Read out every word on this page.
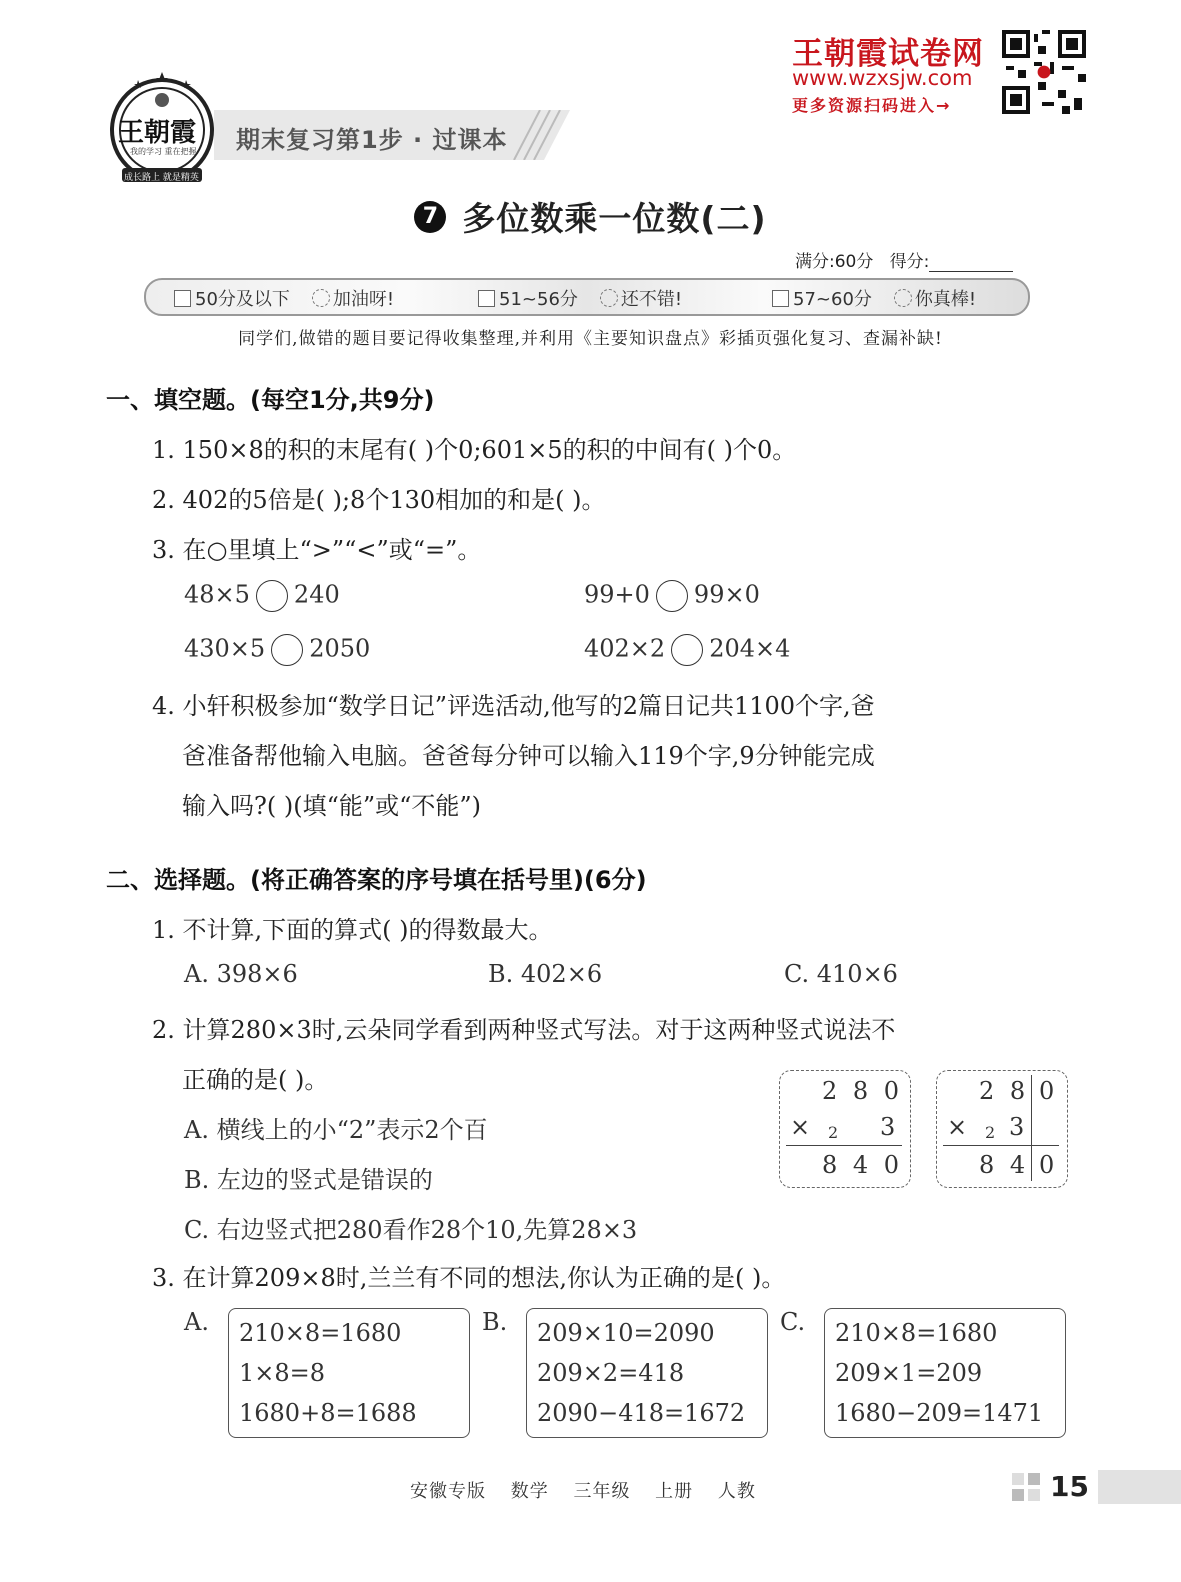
王朝霞
我的学习 重在把握
成长路上 就是精英
期末复习第1步 · 过课本
王朝霞试卷网
www.wzxsjw.com
更多资源扫码进入→
7 多位数乘一位数(二)
满分:60分 得分:
50分及以下 加油呀!	51~56分 还不错!	57~60分 你真棒!
同学们,做错的题目要记得收集整理,并利用《主要知识盘点》彩插页强化复习、查漏补缺!
一、填空题。(每空1分,共9分)
1. 150×8的积的末尾有( )个0;601×5的积的中间有( )个0。
2. 402的5倍是( );8个130相加的和是( )。
3. 在○里填上“>”“<”或“=”。
48×5 240	99+0 99×0
430×5 2050	402×2 204×4
4. 小轩积极参加“数学日记”评选活动,他写的2篇日记共1100个字,爸
爸准备帮他输入电脑。爸爸每分钟可以输入119个字,9分钟能完成
输入吗?( )(填“能”或“不能”)
二、选择题。(将正确答案的序号填在括号里)(6分)
1. 不计算,下面的算式( )的得数最大。
A. 398×6	B. 402×6	C. 410×6
2. 计算280×3时,云朵同学看到两种竖式写法。对于这两种竖式说法不
正确的是( )。
A. 横线上的小“2”表示2个百
B. 左边的竖式是错误的
C. 右边竖式把280看作28个10,先算28×3
2 8 0
× 2 3
8 4 0
2 8 0
× 2 3
8 4 0
3. 在计算209×8时,兰兰有不同的想法,你认为正确的是( )。
A. 210×8=1680
1×8=8
1680+8=1688
B. 209×10=2090
209×2=418
2090−418=1672
C. 210×8=1680
209×1=209
1680−209=1471
安徽专版 数学 三年级 上册 人教	15
